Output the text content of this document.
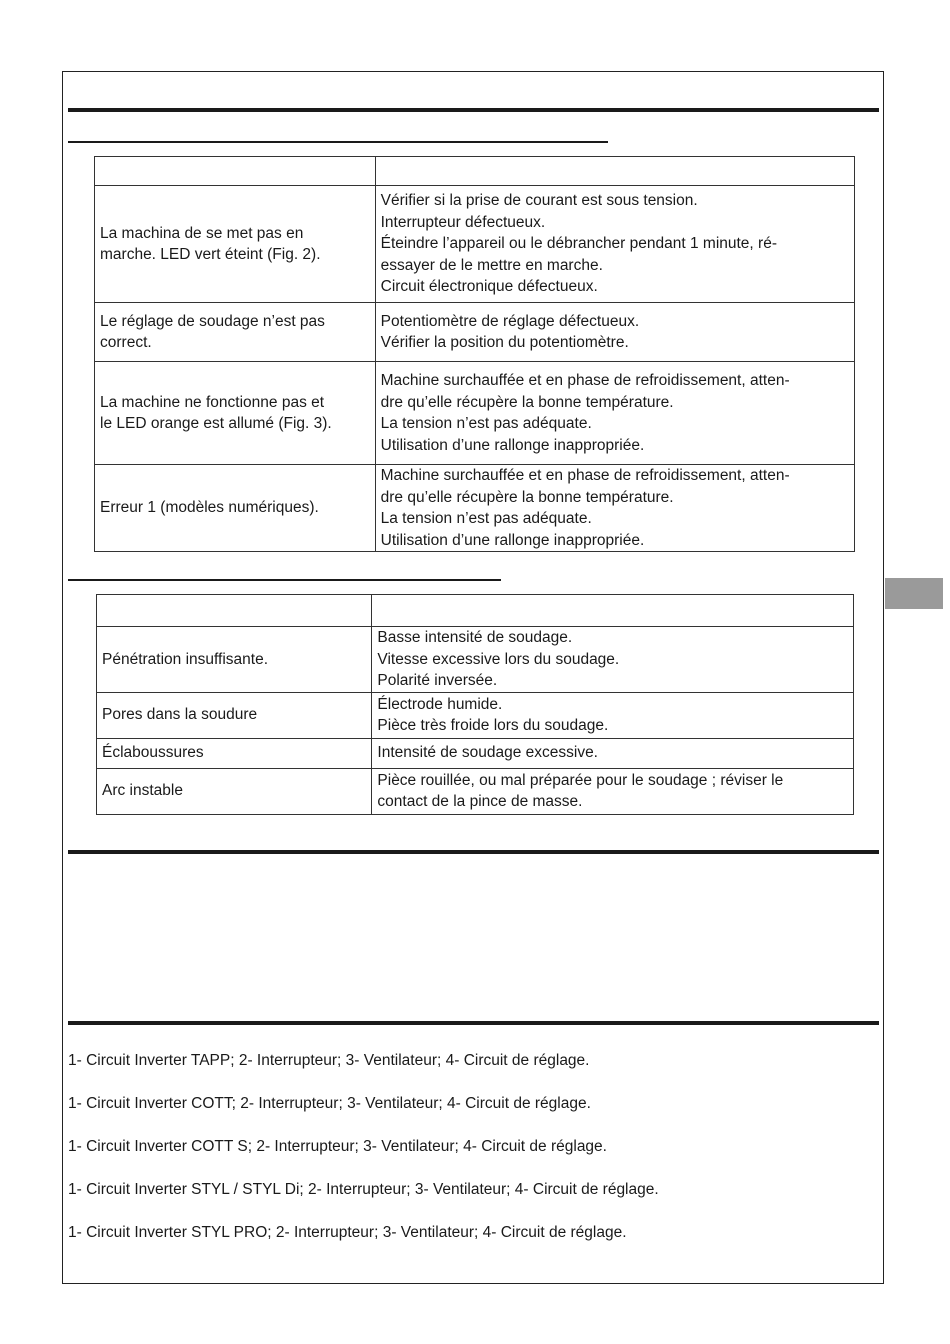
La machina de se met pas en
marche. LED vert éteint (Fig. 2).	Vérifier si la prise de courant est sous tension.
Interrupteur défectueux.
Éteindre l’appareil ou le débrancher pendant 1 minute, ré-
essayer de le mettre en marche.
Circuit électronique défectueux.

Le réglage de soudage n’est pas
correct.	Potentiomètre de réglage défectueux.
Vérifier la position du potentiomètre.

La machine ne fonctionne pas et
le LED orange est allumé (Fig. 3).	Machine surchauffée et en phase de refroidissement, atten-
dre qu’elle récupère la bonne température.
La tension n’est pas adéquate.
Utilisation d’une rallonge inappropriée.

Erreur 1 (modèles numériques).	Machine surchauffée et en phase de refroidissement, atten-
dre qu’elle récupère la bonne température.
La tension n’est pas adéquate.
Utilisation d’une rallonge inappropriée.

Pénétration insuffisante.	Basse intensité de soudage.
Vitesse excessive lors du soudage.
Polarité inversée.

Pores dans la soudure	Électrode humide.
Pièce très froide lors du soudage.

Éclaboussures	Intensité de soudage excessive.

Arc instable	Pièce rouillée, ou mal préparée pour le soudage ; réviser le
contact de la pince de masse.
1- Circuit Inverter TAPP; 2- Interrupteur; 3- Ventilateur; 4- Circuit de réglage.
1- Circuit Inverter COTT; 2- Interrupteur; 3- Ventilateur; 4- Circuit de réglage.
1- Circuit Inverter COTT S; 2- Interrupteur; 3- Ventilateur; 4- Circuit de réglage.
1- Circuit Inverter STYL / STYL Di; 2- Interrupteur; 3- Ventilateur; 4- Circuit de réglage.
1- Circuit Inverter STYL PRO; 2- Interrupteur; 3- Ventilateur; 4- Circuit de réglage.
